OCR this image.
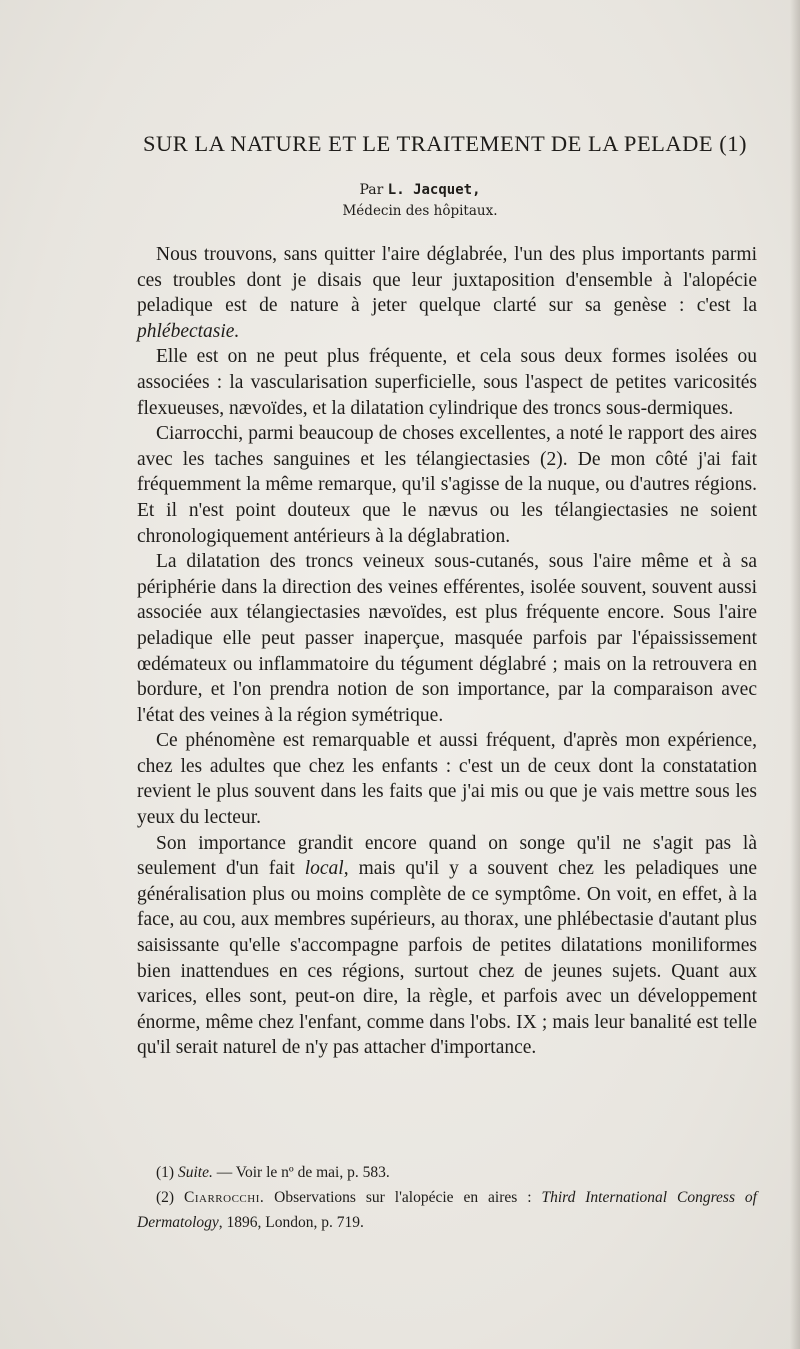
SUR LA NATURE ET LE TRAITEMENT DE LA PELADE (1)
Par L. Jacquet,
Médecin des hôpitaux.

Nous trouvons, sans quitter l'aire déglabrée, l'un des plus importants parmi ces troubles dont je disais que leur juxtaposition d'ensemble à l'alopécie peladique est de nature à jeter quelque clarté sur sa genèse : c'est la phlébectasie.

Elle est on ne peut plus fréquente, et cela sous deux formes isolées ou associées : la vascularisation superficielle, sous l'aspect de petites varicosités flexueuses, nævoïdes, et la dilatation cylindrique des troncs sous-dermiques.

Ciarrocchi, parmi beaucoup de choses excellentes, a noté le rapport des aires avec les taches sanguines et les télangiectasies (2). De mon côté j'ai fait fréquemment la même remarque, qu'il s'agisse de la nuque, ou d'autres régions. Et il n'est point douteux que le nævus ou les télangiectasies ne soient chronologiquement antérieurs à la déglabration.

La dilatation des troncs veineux sous-cutanés, sous l'aire même et à sa périphérie dans la direction des veines efférentes, isolée souvent, souvent aussi associée aux télangiectasies nævoïdes, est plus fréquente encore. Sous l'aire peladique elle peut passer inaperçue, masquée parfois par l'épaississement œdémateux ou inflammatoire du tégument déglabré ; mais on la retrouvera en bordure, et l'on prendra notion de son importance, par la comparaison avec l'état des veines à la région symétrique.

Ce phénomène est remarquable et aussi fréquent, d'après mon expérience, chez les adultes que chez les enfants : c'est un de ceux dont la constatation revient le plus souvent dans les faits que j'ai mis ou que je vais mettre sous les yeux du lecteur.

Son importance grandit encore quand on songe qu'il ne s'agit pas là seulement d'un fait local, mais qu'il y a souvent chez les peladiques une généralisation plus ou moins complète de ce symptôme. On voit, en effet, à la face, au cou, aux membres supérieurs, au thorax, une phlébectasie d'autant plus saisissante qu'elle s'accompagne parfois de petites dilatations moniliformes bien inattendues en ces régions, surtout chez de jeunes sujets. Quant aux varices, elles sont, peut-on dire, la règle, et parfois avec un développement énorme, même chez l'enfant, comme dans l'obs. IX ; mais leur banalité est telle qu'il serait naturel de n'y pas attacher d'importance.

(1) Suite. — Voir le nº de mai, p. 583.

(2) Ciarrocchi. Observations sur l'alopécie en aires : Third International Congress of Dermatology, 1896, London, p. 719.
